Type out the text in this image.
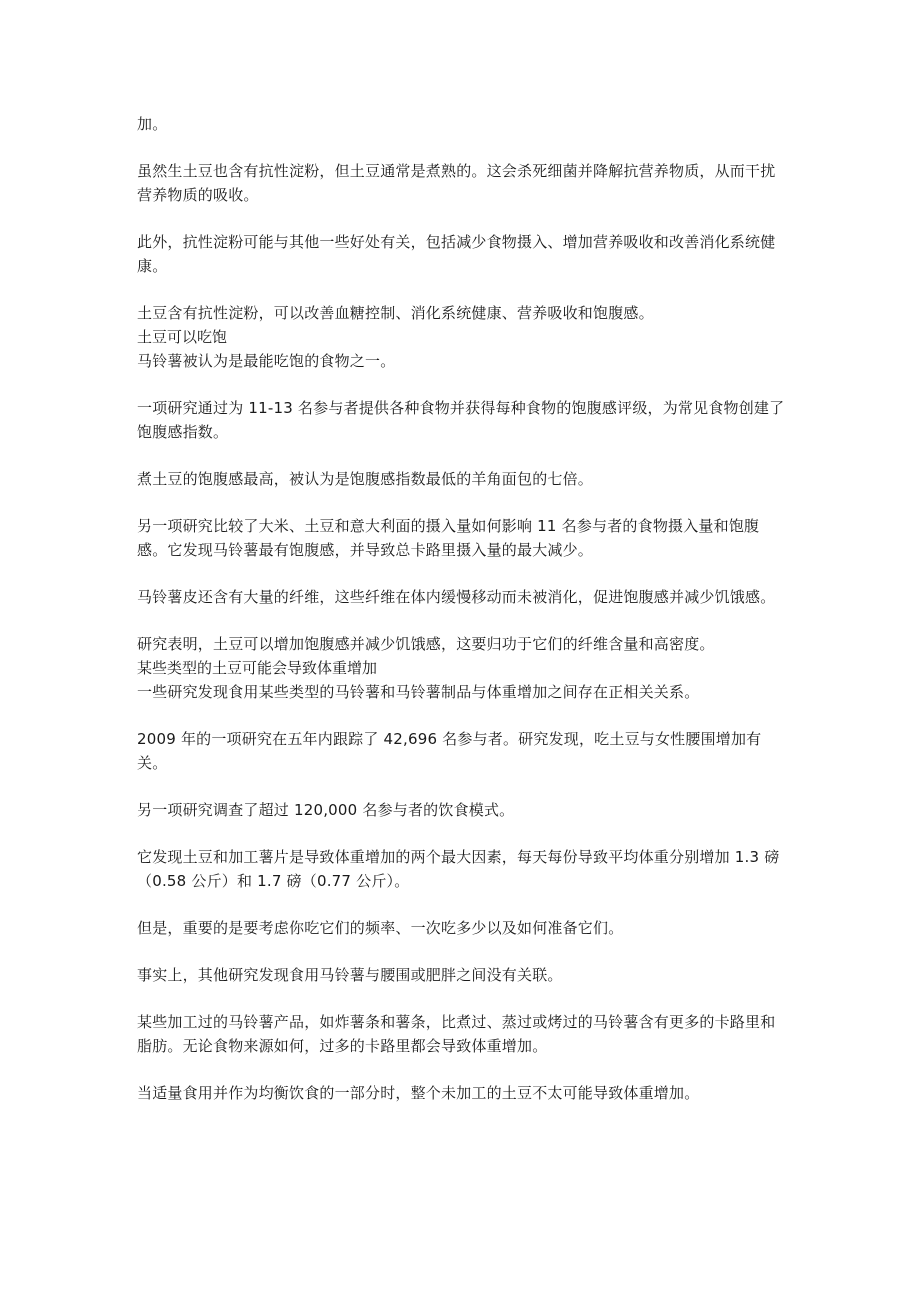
加。

虽然生土豆也含有抗性淀粉，但土豆通常是煮熟的。这会杀死细菌并降解抗营养物质，从而干扰营养物质的吸收。

此外，抗性淀粉可能与其他一些好处有关，包括减少食物摄入、增加营养吸收和改善消化系统健康。

土豆含有抗性淀粉，可以改善血糖控制、消化系统健康、营养吸收和饱腹感。

土豆可以吃饱

马铃薯被认为是最能吃饱的食物之一。

一项研究通过为 11-13 名参与者提供各种食物并获得每种食物的饱腹感评级，为常见食物创建了饱腹感指数。

煮土豆的饱腹感最高，被认为是饱腹感指数最低的羊角面包的七倍。

另一项研究比较了大米、土豆和意大利面的摄入量如何影响 11 名参与者的食物摄入量和饱腹感。它发现马铃薯最有饱腹感，并导致总卡路里摄入量的最大减少。

马铃薯皮还含有大量的纤维，这些纤维在体内缓慢移动而未被消化，促进饱腹感并减少饥饿感。

研究表明，土豆可以增加饱腹感并减少饥饿感，这要归功于它们的纤维含量和高密度。

某些类型的土豆可能会导致体重增加

一些研究发现食用某些类型的马铃薯和马铃薯制品与体重增加之间存在正相关关系。

2009 年的一项研究在五年内跟踪了 42,696 名参与者。研究发现，吃土豆与女性腰围增加有关。

另一项研究调查了超过 120,000 名参与者的饮食模式。

它发现土豆和加工薯片是导致体重增加的两个最大因素，每天每份导致平均体重分别增加 1.3 磅（0.58 公斤）和 1.7 磅（0.77 公斤）。

但是，重要的是要考虑你吃它们的频率、一次吃多少以及如何准备它们。

事实上，其他研究发现食用马铃薯与腰围或肥胖之间没有关联。

某些加工过的马铃薯产品，如炸薯条和薯条，比煮过、蒸过或烤过的马铃薯含有更多的卡路里和脂肪。无论食物来源如何，过多的卡路里都会导致体重增加。

当适量食用并作为均衡饮食的一部分时，整个未加工的土豆不太可能导致体重增加。
